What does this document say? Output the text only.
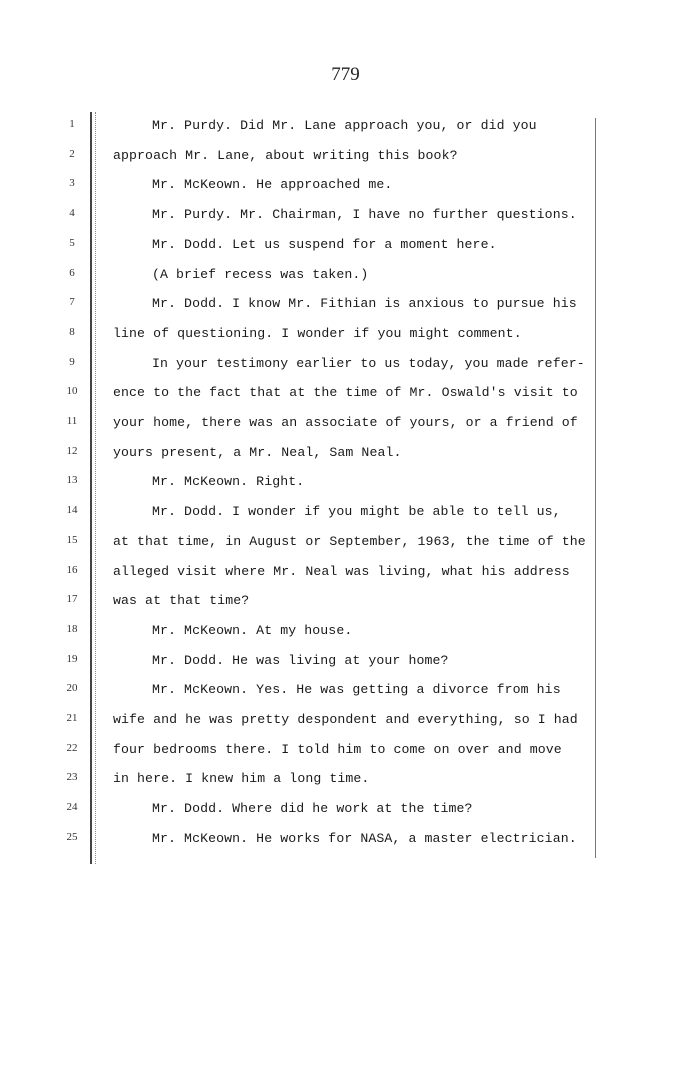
779
1
2
3
4
5
6
7
8
9
10
11
12
13
14
15
16
17
18
19
20
21
22
23
24
25
Mr. Purdy. Did Mr. Lane approach you, or did you
approach Mr. Lane, about writing this book?
Mr. McKeown. He approached me.
Mr. Purdy. Mr. Chairman, I have no further questions.
Mr. Dodd. Let us suspend for a moment here.
(A brief recess was taken.)
Mr. Dodd. I know Mr. Fithian is anxious to pursue his
line of questioning. I wonder if you might comment.
In your testimony earlier to us today, you made refer-
ence to the fact that at the time of Mr. Oswald's visit to
your home, there was an associate of yours, or a friend of
yours present, a Mr. Neal, Sam Neal.
Mr. McKeown. Right.
Mr. Dodd. I wonder if you might be able to tell us,
at that time, in August or September, 1963, the time of the
alleged visit where Mr. Neal was living, what his address
was at that time?
Mr. McKeown. At my house.
Mr. Dodd. He was living at your home?
Mr. McKeown. Yes. He was getting a divorce from his
wife and he was pretty despondent and everything, so I had
four bedrooms there. I told him to come on over and move
in here. I knew him a long time.
Mr. Dodd. Where did he work at the time?
Mr. McKeown. He works for NASA, a master electrician.
